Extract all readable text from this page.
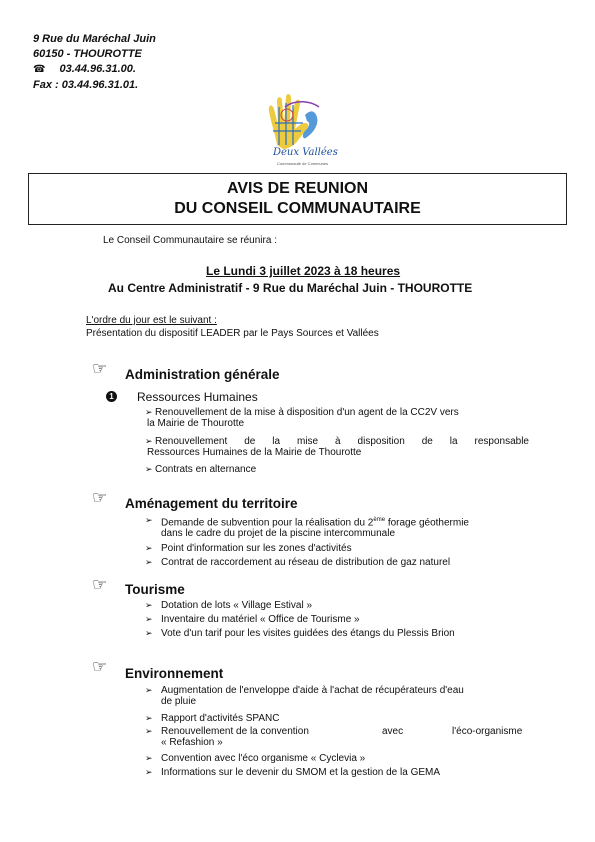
9 Rue du Maréchal Juin
60150 - THOUROTTE
☎ 03.44.96.31.00.
Fax : 03.44.96.31.01.
Deux Vallées
Communauté de Communes
AVIS DE REUNION
DU CONSEIL COMMUNAUTAIRE
Le Conseil Communautaire se réunira :
Le Lundi 3 juillet 2023 à 18 heures
Au Centre Administratif - 9 Rue du Maréchal Juin - THOUROTTE
L'ordre du jour est le suivant :
Présentation du dispositif LEADER par le Pays Sources et Vallées
☞ Administration générale
1 Ressources Humaines
➢ Renouvellement de la mise à disposition d'un agent de la CC2V vers
la Mairie de Thourotte
➢ Renouvellement de la mise à disposition de la responsable
Ressources Humaines de la Mairie de Thourotte
➢ Contrats en alternance
☞ Aménagement du territoire
➢ Demande de subvention pour la réalisation du 2ème forage géothermie
dans le cadre du projet de la piscine intercommunale
➢ Point d'information sur les zones d'activités
➢ Contrat de raccordement au réseau de distribution de gaz naturel
☞ Tourisme
➢ Dotation de lots « Village Estival »
➢ Inventaire du matériel « Office de Tourisme »
➢ Vote d'un tarif pour les visites guidées des étangs du Plessis Brion
☞ Environnement
➢ Augmentation de l'enveloppe d'aide à l'achat de récupérateurs d'eau
de pluie
➢ Rapport d'activités SPANC
➢ Renouvellement de la convention	avec	l'éco-organisme
« Refashion »
➢ Convention avec l'éco organisme « Cyclevia »
➢ Informations sur le devenir du SMOM et la gestion de la GEMA
